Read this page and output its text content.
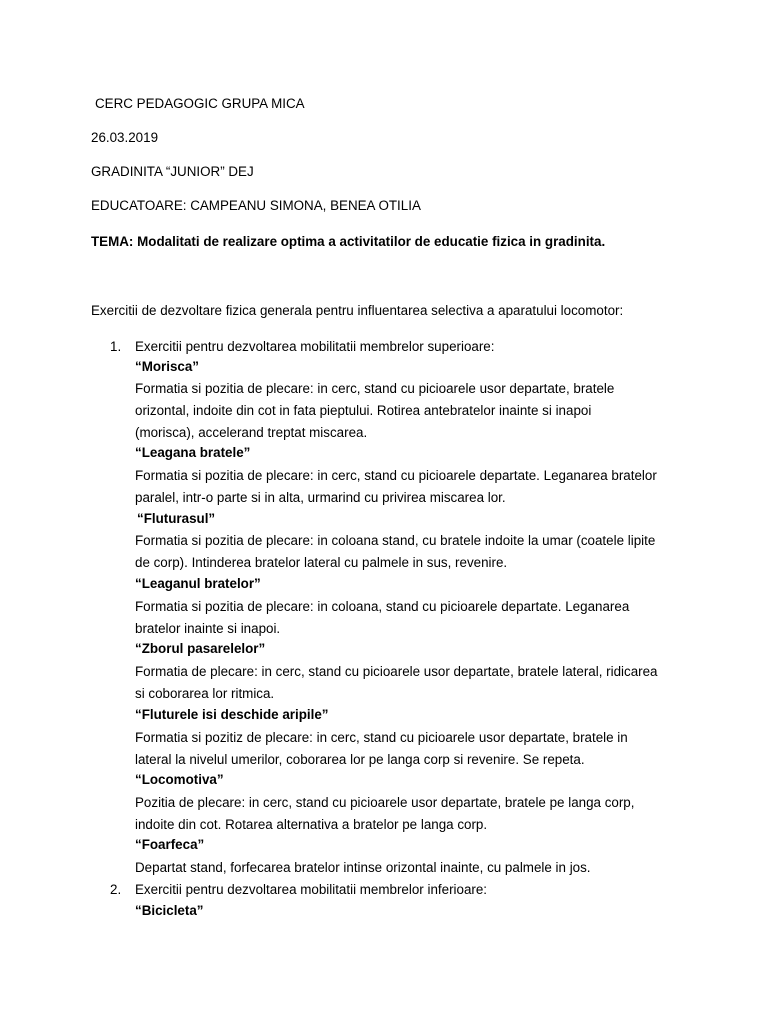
CERC PEDAGOGIC GRUPA MICA
26.03.2019
GRADINITA “JUNIOR” DEJ
EDUCATOARE: CAMPEANU SIMONA, BENEA OTILIA
TEMA: Modalitati de realizare optima a activitatilor de educatie fizica in gradinita.
Exercitii de dezvoltare fizica generala pentru influentarea selectiva a aparatului locomotor:
1. Exercitii pentru dezvoltarea mobilitatii membrelor superioare:
“Morisca”
Formatia si pozitia de plecare: in cerc, stand cu picioarele usor departate, bratele
orizontal, indoite din cot in fata pieptului. Rotirea antebratelor inainte si inapoi
(morisca), accelerand treptat miscarea.
“Leagana bratele”
Formatia si pozitia de plecare: in cerc, stand cu picioarele departate. Leganarea bratelor
paralel, intr-o parte si in alta, urmarind cu privirea miscarea lor.
“Fluturasul”
Formatia si pozitia de plecare: in coloana stand, cu bratele indoite la umar (coatele lipite
de corp). Intinderea bratelor lateral cu palmele in sus, revenire.
“Leaganul bratelor”
Formatia si pozitia de plecare: in coloana, stand cu picioarele departate. Leganarea
bratelor inainte si inapoi.
“Zborul pasarelelor”
Formatia de plecare: in cerc, stand cu picioarele usor departate, bratele lateral, ridicarea
si coborarea lor ritmica.
“Fluturele isi deschide aripile”
Formatia si pozitiz de plecare: in cerc, stand cu picioarele usor departate, bratele in
lateral la nivelul umerilor, coborarea lor pe langa corp si revenire. Se repeta.
“Locomotiva”
Pozitia de plecare: in cerc, stand cu picioarele usor departate, bratele pe langa corp,
indoite din cot. Rotarea alternativa a bratelor pe langa corp.
“Foarfeca”
Departat stand, forfecarea bratelor intinse orizontal inainte, cu palmele in jos.
2. Exercitii pentru dezvoltarea mobilitatii membrelor inferioare:
“Bicicleta”
